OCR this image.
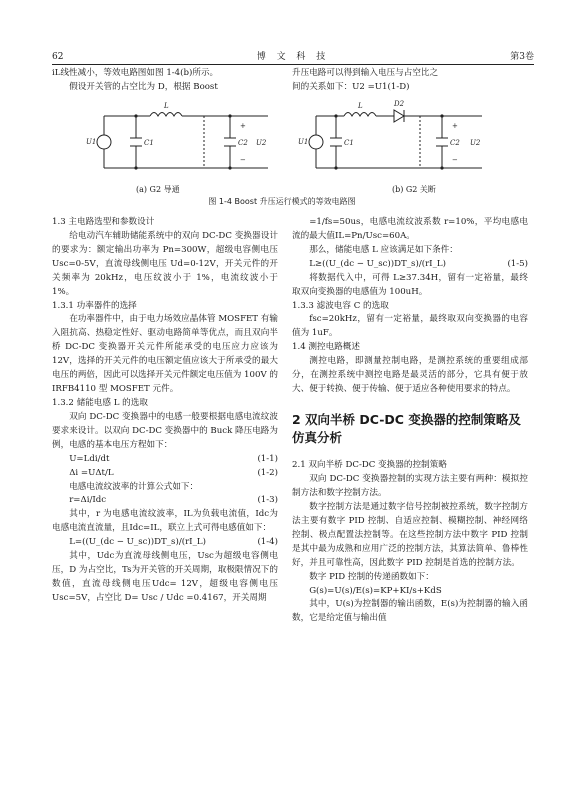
62	博 文 科 技	第3卷

iL线性减小，等效电路图如图 1-4(b)所示。

假设开关管的占空比为 D，根据 Boost

升压电路可以得到输入电压与占空比之

间的关系如下：U2 =U1(1-D)

L
U1	C1	C2 U2
+
−
L	D2
U1	C1	C2 U2
+
−
(a) G2 导通	(b) G2 关断
图 1-4 Boost 升压运行模式的等效电路图

1.3 主电路选型和参数设计

给电动汽车辅助储能系统中的双向 DC-DC 变换器设计的要求为：额定输出功率为 Pn=300W，超级电容侧电压 Usc=0-5V，直流母线侧电压 Ud=0-12V，开关元件的开关频率为 20kHz，电压纹波小于 1%，电流纹波小于 1%。

1.3.1 功率器件的选择

在功率器件中，由于电力场效应晶体管 MOSFET 有输入阻抗高、热稳定性好、驱动电路简单等优点，而且双向半桥 DC-DC 变换器开关元件所能承受的电压应力应该为 12V，选择的开关元件的电压额定值应该大于所承受的最大电压的两倍，因此可以选择开关元件额定电压值为 100V 的 IRFB4110 型 MOSFET 元件。

1.3.2 储能电感 L 的选取

双向 DC-DC 变换器中的电感一般要根据电感电流纹波要求来设计。以双向 DC-DC 变换器中的 Buck 降压电路为例，电感的基本电压方程如下：

U=Ldi/dt	(1-1)
Δi =UΔt/L	(1-2)

电感电流纹波率的计算公式如下：

r=Δi/Idc	(1-3)

其中，r 为电感电流纹波率，IL为负载电流值，Idc为电感电流直流量，且Idc=IL，联立上式可得电感值如下：

L=((U_(dc − U_sc))DT_s)/(rI_L)	(1-4)

其中，Udc为直流母线侧电压，Usc为超级电容侧电压，D 为占空比，Ts为开关管的开关周期，取极限情况下的数值，直流母线侧电压Udc= 12V，超级电容侧电压Usc=5V，占空比 D= Usc / Udc =0.4167，开关周期

=1/fs=50us，电感电流纹波系数 r=10%，平均电感电流的最大值IL=Pn/Usc=60A。

那么，储能电感 L 应该满足如下条件：

L≥((U_(dc − U_sc))DT_s)/(rI_L)	(1-5)

将数据代入中，可得 L≥37.34H，留有一定裕量，最终取双向变换器的电感值为 100uH。

1.3.3 滤波电容 C 的选取

fsc=20kHz，留有一定裕量，最终取双向变换器的电容值为 1uF。

1.4 测控电路概述

测控电路，即测量控制电路，是测控系统的重要组成部分，在测控系统中测控电路是最灵活的部分，它具有便于放大、便于转换、便于传输、便于适应各种使用要求的特点。

2 双向半桥 DC-DC 变换器的控制策略及仿真分析

2.1 双向半桥 DC-DC 变换器的控制策略

双向 DC-DC 变换器控制的实现方法主要有两种：模拟控制方法和数字控制方法。

数字控制方法是通过数字信号控制被控系统，数字控制方法主要有数字 PID 控制、自适应控制、模糊控制、神经网络控制、极点配置法控制等。在这些控制方法中数字 PID 控制是其中最为成熟和应用广泛的控制方法，其算法简单、鲁棒性好，并且可靠性高，因此数字 PID 控制是首选的控制方法。

数字 PID 控制的传递函数如下：

G(s)=U(s)/E(s)=KP+KI/s+KdS

其中，U(s)为控制器的输出函数，E(s)为控制器的输入函数，它是给定值与输出值
